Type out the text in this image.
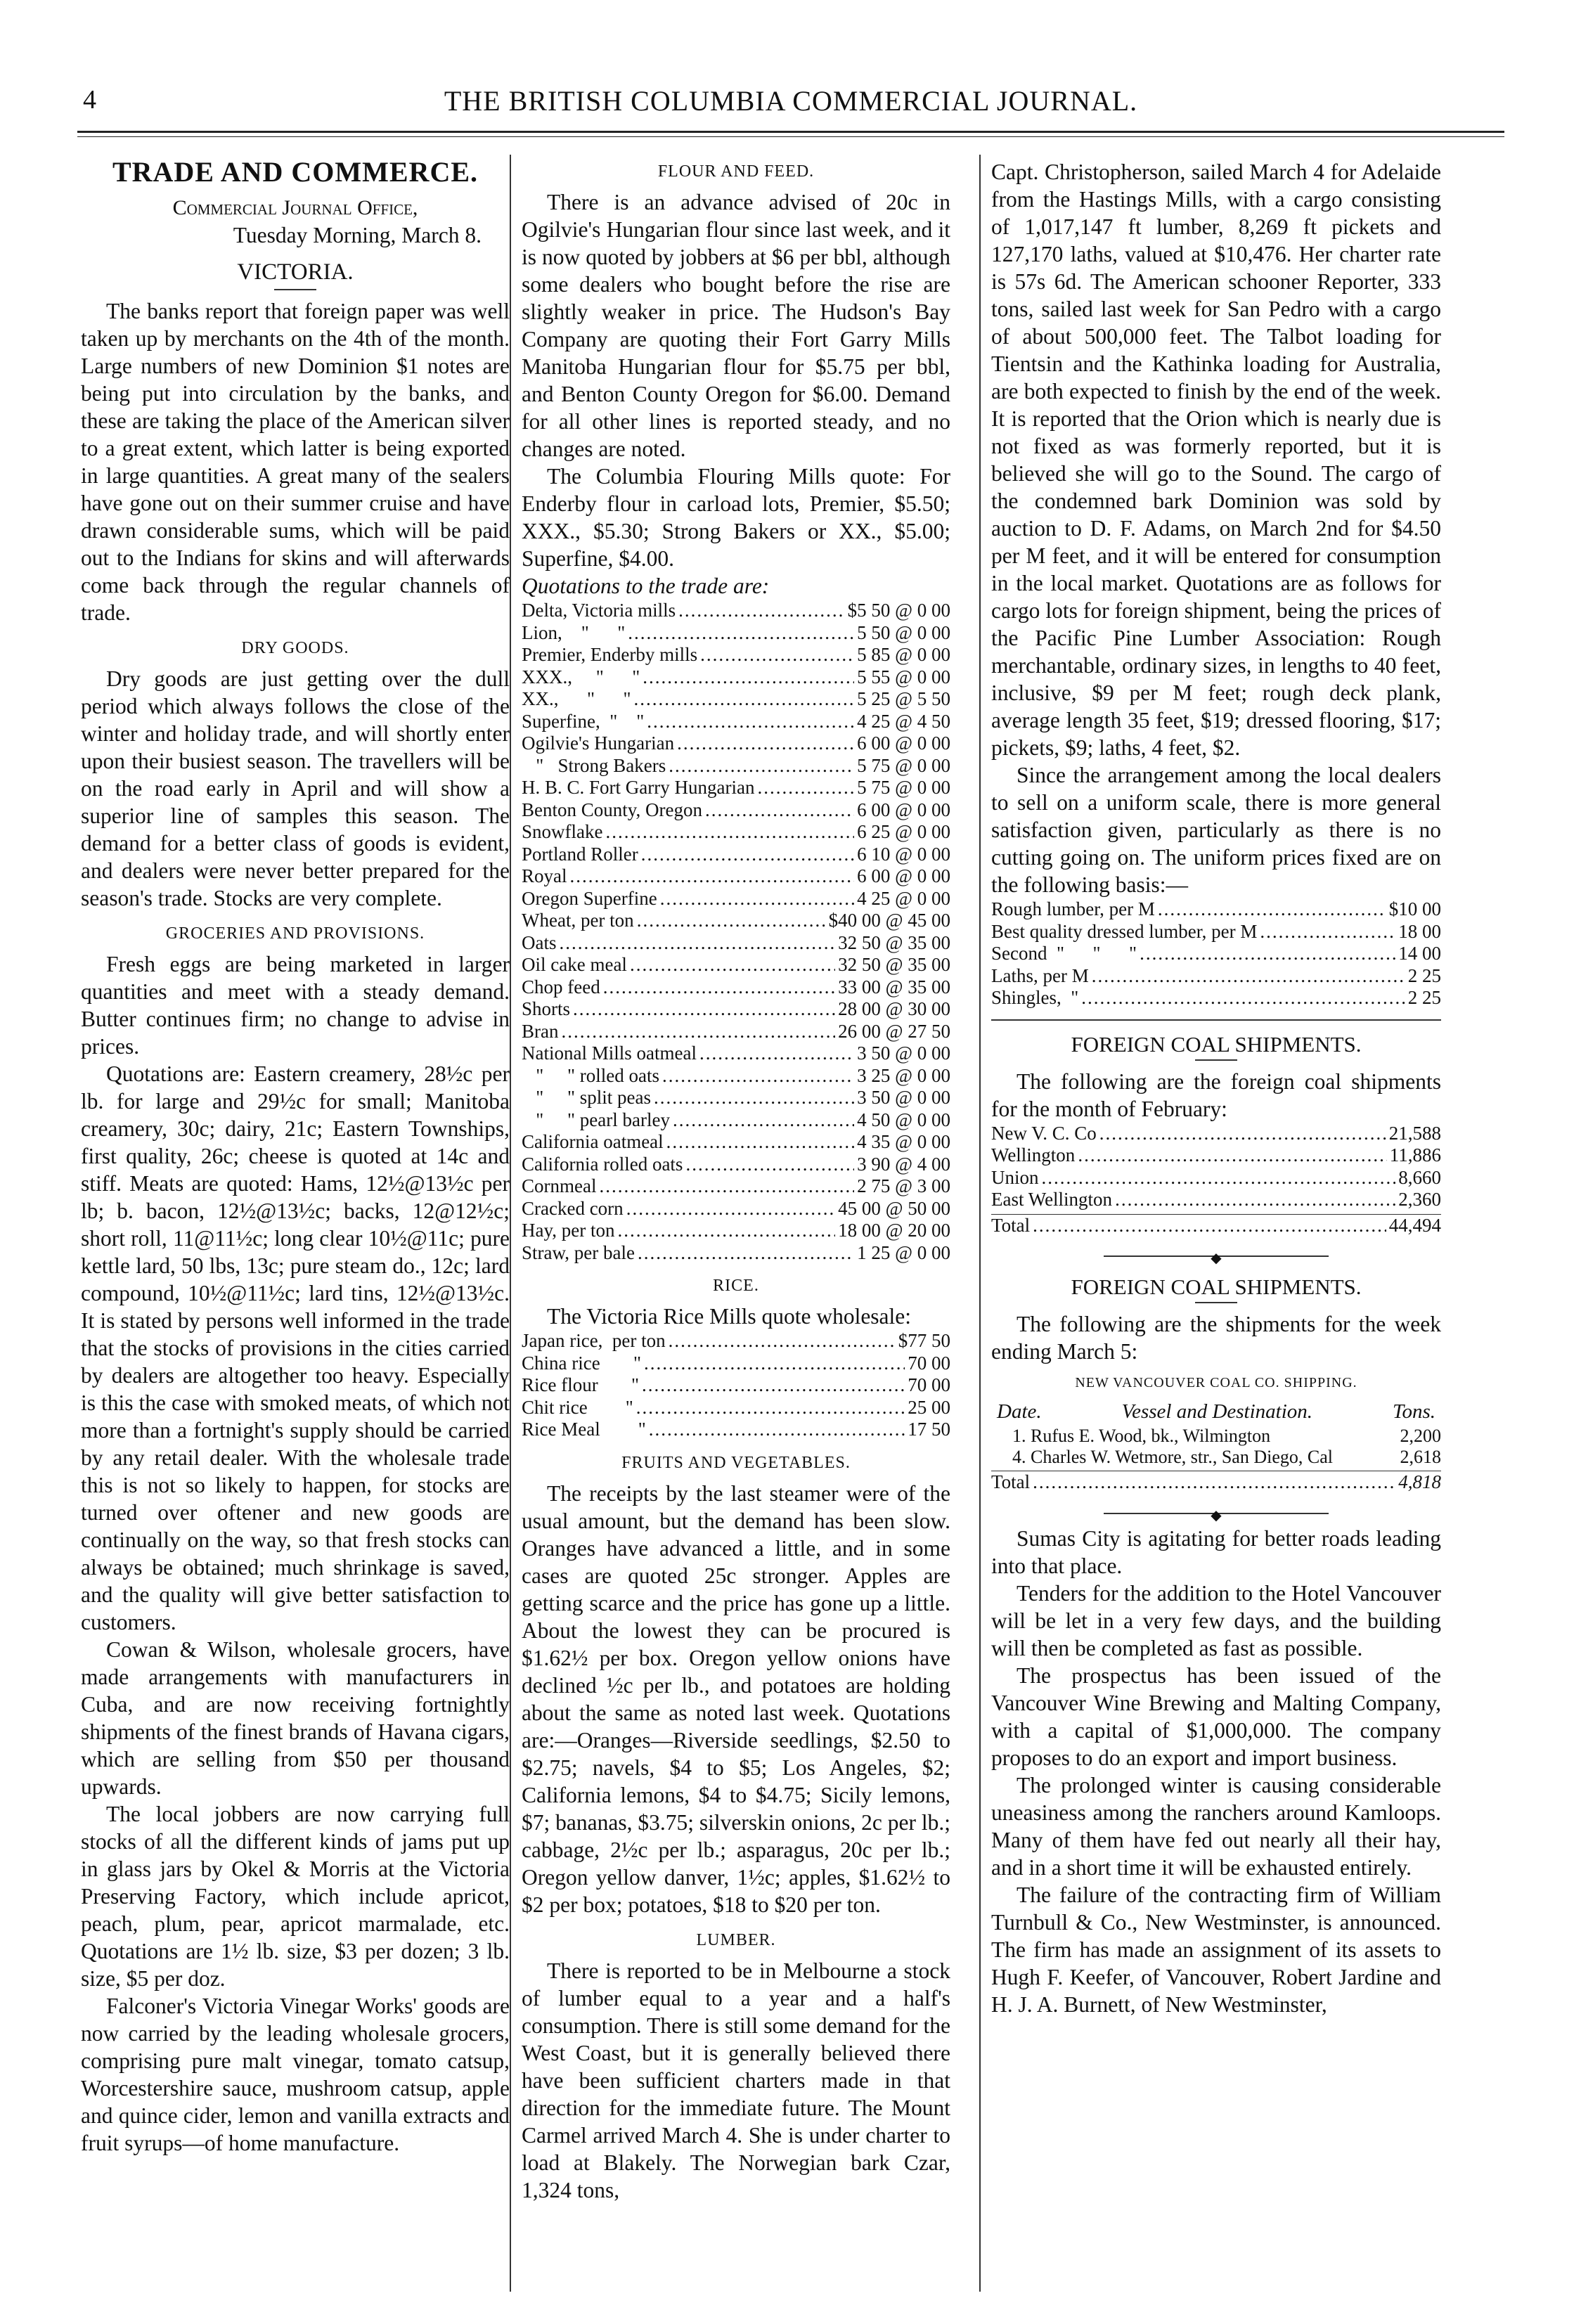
4	THE BRITISH COLUMBIA COMMERCIAL JOURNAL.
TRADE AND COMMERCE.
Commercial Journal Office,
Tuesday Morning, March 8.
VICTORIA.

The banks report that foreign paper was well taken up by merchants on the 4th of the month. Large numbers of new Dominion $1 notes are being put into circulation by the banks, and these are taking the place of the American silver to a great extent, which latter is being exported in large quantities. A great many of the sealers have gone out on their summer cruise and have drawn considerable sums, which will be paid out to the Indians for skins and will afterwards come back through the regular channels of trade.

DRY GOODS.

Dry goods are just getting over the dull period which always follows the close of the winter and holiday trade, and will shortly enter upon their busiest season. The travellers will be on the road early in April and will show a superior line of samples this season. The demand for a better class of goods is evident, and dealers were never better prepared for the season's trade. Stocks are very complete.

GROCERIES AND PROVISIONS.

Fresh eggs are being marketed in larger quantities and meet with a steady demand. Butter continues firm; no change to advise in prices.

Quotations are: Eastern creamery, 28½c per lb. for large and 29½c for small; Manitoba creamery, 30c; dairy, 21c; Eastern Townships, first quality, 26c; cheese is quoted at 14c and stiff. Meats are quoted: Hams, 12½@13½c per lb; b. bacon, 12½@13½c; backs, 12@12½c; short roll, 11@11½c; long clear 10½@11c; pure kettle lard, 50 lbs, 13c; pure steam do., 12c; lard compound, 10½@11½c; lard tins, 12½@13½c. It is stated by persons well informed in the trade that the stocks of provisions in the cities carried by dealers are altogether too heavy. Especially is this the case with smoked meats, of which not more than a fortnight's supply should be carried by any retail dealer. With the wholesale trade this is not so likely to happen, for stocks are turned over oftener and new goods are continually on the way, so that fresh stocks can always be obtained; much shrinkage is saved, and the quality will give better satisfaction to customers.

Cowan & Wilson, wholesale grocers, have made arrangements with manufacturers in Cuba, and are now receiving fortnightly shipments of the finest brands of Havana cigars, which are selling from $50 per thousand upwards.

The local jobbers are now carrying full stocks of all the different kinds of jams put up in glass jars by Okel & Morris at the Victoria Preserving Factory, which include apricot, peach, plum, pear, apricot marmalade, etc. Quotations are 1½ lb. size, $3 per dozen; 3 lb. size, $5 per doz.

Falconer's Victoria Vinegar Works' goods are now carried by the leading wholesale grocers, comprising pure malt vinegar, tomato catsup, Worcestershire sauce, mushroom catsup, apple and quince cider, lemon and vanilla extracts and fruit syrups—of home manufacture.

FLOUR AND FEED.

There is an advance advised of 20c in Ogilvie's Hungarian flour since last week, and it is now quoted by jobbers at $6 per bbl, although some dealers who bought before the rise are slightly weaker in price. The Hudson's Bay Company are quoting their Fort Garry Mills Manitoba Hungarian flour for $5.75 per bbl, and Benton County Oregon for $6.00. Demand for all other lines is reported steady, and no changes are noted.

The Columbia Flouring Mills quote: For Enderby flour in carload lots, Premier, $5.50; XXX., $5.30; Strong Bakers or XX., $5.00; Superfine, $4.00.

Quotations to the trade are:
Delta, Victoria mills .....	$5 50 @ 0 00
Lion,    "      " .....	5 50 @ 0 00
Premier, Enderby mills .....	5 85 @ 0 00
XXX.,     "      " .....	5 55 @ 0 00
XX.,      "      " .....	5 25 @ 5 50
Superfine,  "    " .....	4 25 @ 4 50
Ogilvie's Hungarian .....	6 00 @ 0 00
"   Strong Bakers .....	5 75 @ 0 00
H. B. C. Fort Garry Hungarian .....	5 75 @ 0 00
Benton County, Oregon .....	6 00 @ 0 00
Snowflake .....	6 25 @ 0 00
Portland Roller .....	6 10 @ 0 00
Royal .....	6 00 @ 0 00
Oregon Superfine .....	4 25 @ 0 00
Wheat, per ton .....	$40 00 @ 45 00
Oats .....	32 50 @ 35 00
Oil cake meal .....	32 50 @ 35 00
Chop feed .....	33 00 @ 35 00
Shorts .....	28 00 @ 30 00
Bran .....	26 00 @ 27 50
National Mills oatmeal .....	3 50 @ 0 00
"     " rolled oats .....	3 25 @ 0 00
"     " split peas .....	3 50 @ 0 00
"     " pearl barley .....	4 50 @ 0 00
California oatmeal .....	4 35 @ 0 00
California rolled oats .....	3 90 @ 4 00
Cornmeal .....	2 75 @ 3 00
Cracked corn .....	45 00 @ 50 00
Hay, per ton .....	18 00 @ 20 00
Straw, per bale .....	1 25 @ 0 00
RICE.

The Victoria Rice Mills quote wholesale:

Japan rice,  per ton .....	$77 50
China rice       " .....	70 00
Rice flour       " .....	70 00
Chit rice        " .....	25 00
Rice Meal        " .....	17 50
FRUITS AND VEGETABLES.

The receipts by the last steamer were of the usual amount, but the demand has been slow. Oranges have advanced a little, and in some cases are quoted 25c stronger. Apples are getting scarce and the price has gone up a little. About the lowest they can be procured is $1.62½ per box. Oregon yellow onions have declined ½c per lb., and potatoes are holding about the same as noted last week. Quotations are:—Oranges—Riverside seedlings, $2.50 to $2.75; navels, $4 to $5; Los Angeles, $2; California lemons, $4 to $4.75; Sicily lemons, $7; bananas, $3.75; silverskin onions, 2c per lb.; cabbage, 2½c per lb.; asparagus, 20c per lb.; Oregon yellow danver, 1½c; apples, $1.62½ to $2 per box; potatoes, $18 to $20 per ton.

LUMBER.

There is reported to be in Melbourne a stock of lumber equal to a year and a half's consumption. There is still some demand for the West Coast, but it is generally believed there have been sufficient charters made in that direction for the immediate future. The Mount Carmel arrived March 4. She is under charter to load at Blakely. The Norwegian bark Czar, 1,324 tons,

Capt. Christopherson, sailed March 4 for Adelaide from the Hastings Mills, with a cargo consisting of 1,017,147 ft lumber, 8,269 ft pickets and 127,170 laths, valued at $10,476. Her charter rate is 57s 6d. The American schooner Reporter, 333 tons, sailed last week for San Pedro with a cargo of about 500,000 feet. The Talbot loading for Tientsin and the Kathinka loading for Australia, are both expected to finish by the end of the week. It is reported that the Orion which is nearly due is not fixed as was formerly reported, but it is believed she will go to the Sound. The cargo of the condemned bark Dominion was sold by auction to D. F. Adams, on March 2nd for $4.50 per M feet, and it will be entered for consumption in the local market. Quotations are as follows for cargo lots for foreign shipment, being the prices of the Pacific Pine Lumber Association: Rough merchantable, ordinary sizes, in lengths to 40 feet, inclusive, $9 per M feet; rough deck plank, average length 35 feet, $19; dressed flooring, $17; pickets, $9; laths, 4 feet, $2.

Since the arrangement among the local dealers to sell on a uniform scale, there is more general satisfaction given, particularly as there is no cutting going on. The uniform prices fixed are on the following basis:—

Rough lumber, per M .....	$10 00
Best quality dressed lumber, per M .....	18 00
Second  "      "      " .....	14 00
Laths, per M .....	2 25
Shingles,  " .....	2 25
FOREIGN COAL SHIPMENTS.

The following are the foreign coal shipments for the month of February:

New V. C. Co .....	21,588
Wellington .....	11,886
Union .....	8,660
East Wellington .....	2,360
Total .....	44,494
◆
FOREIGN COAL SHIPMENTS.

The following are the shipments for the week ending March 5:

NEW VANCOUVER COAL CO. SHIPPING.
Date.	Vessel and Destination.	Tons.
1. Rufus E. Wood, bk., Wilmington	2,200
4. Charles W. Wetmore, str., San Diego, Cal	2,618
Total .....	4,818
◆

Sumas City is agitating for better roads leading into that place.

Tenders for the addition to the Hotel Vancouver will be let in a very few days, and the building will then be completed as fast as possible.

The prospectus has been issued of the Vancouver Wine Brewing and Malting Company, with a capital of $1,000,000. The company proposes to do an export and import business.

The prolonged winter is causing considerable uneasiness among the ranchers around Kamloops. Many of them have fed out nearly all their hay, and in a short time it will be exhausted entirely.

The failure of the contracting firm of William Turnbull & Co., New Westminster, is announced. The firm has made an assignment of its assets to Hugh F. Keefer, of Vancouver, Robert Jardine and H. J. A. Burnett, of New Westminster,
